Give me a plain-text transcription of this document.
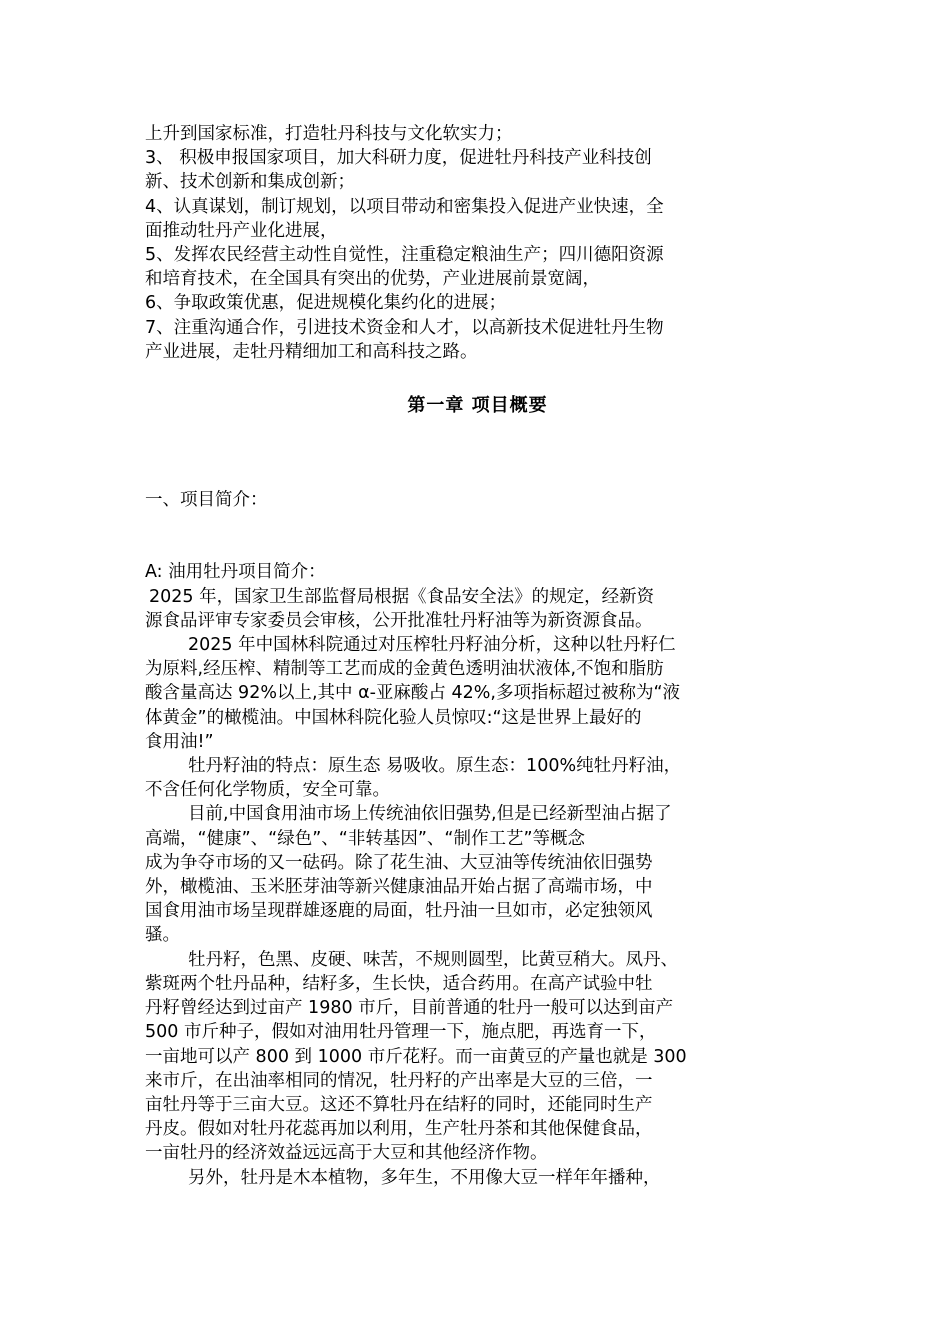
上升到国家标准，打造牡丹科技与文化软实力；
3、 积极申报国家项目，加大科研力度，促进牡丹科技产业科技创
新、技术创新和集成创新；
4、认真谋划，制订规划，以项目带动和密集投入促进产业快速，全
面推动牡丹产业化进展，
5、发挥农民经营主动性自觉性，注重稳定粮油生产；四川德阳资源
和培育技术，在全国具有突出的优势，产业进展前景宽阔，
6、争取政策优惠，促进规模化集约化的进展；
7、注重沟通合作，引进技术资金和人才，以高新技术促进牡丹生物
产业进展，走牡丹精细加工和高科技之路。
第一章 项目概要
一、项目简介：
A: 油用牡丹项目简介：
2025 年，国家卫生部监督局根据《食品安全法》的规定，经新资
源食品评审专家委员会审核，公开批准牡丹籽油等为新资源食品。
2025 年中国林科院通过对压榨牡丹籽油分析，这种以牡丹籽仁
为原料,经压榨、精制等工艺而成的金黄色透明油状液体,不饱和脂肪
酸含量高达 92%以上,其中 α-亚麻酸占 42%,多项指标超过被称为“液
体黄金”的橄榄油。中国林科院化验人员惊叹:“这是世界上最好的
食用油!”
牡丹籽油的特点：原生态 易吸收。原生态：100%纯牡丹籽油，
不含任何化学物质，安全可靠。
目前,中国食用油市场上传统油依旧强势,但是已经新型油占据了
高端，“健康”、“绿色”、“非转基因”、“制作工艺”等概念
成为争夺市场的又一砝码。除了花生油、大豆油等传统油依旧强势
外，橄榄油、玉米胚芽油等新兴健康油品开始占据了高端市场，中
国食用油市场呈现群雄逐鹿的局面，牡丹油一旦如市，必定独领风
骚。
牡丹籽，色黑、皮硬、味苦，不规则圆型，比黄豆稍大。凤丹、
紫斑两个牡丹品种，结籽多，生长快，适合药用。在高产试验中牡
丹籽曾经达到过亩产 1980 市斤，目前普通的牡丹一般可以达到亩产
500 市斤种子，假如对油用牡丹管理一下，施点肥，再选育一下，
一亩地可以产 800 到 1000 市斤花籽。而一亩黄豆的产量也就是 300
来市斤，在出油率相同的情况，牡丹籽的产出率是大豆的三倍，一
亩牡丹等于三亩大豆。这还不算牡丹在结籽的同时，还能同时生产
丹皮。假如对牡丹花蕊再加以利用，生产牡丹茶和其他保健食品，
一亩牡丹的经济效益远远高于大豆和其他经济作物。
另外，牡丹是木本植物，多年生，不用像大豆一样年年播种，
